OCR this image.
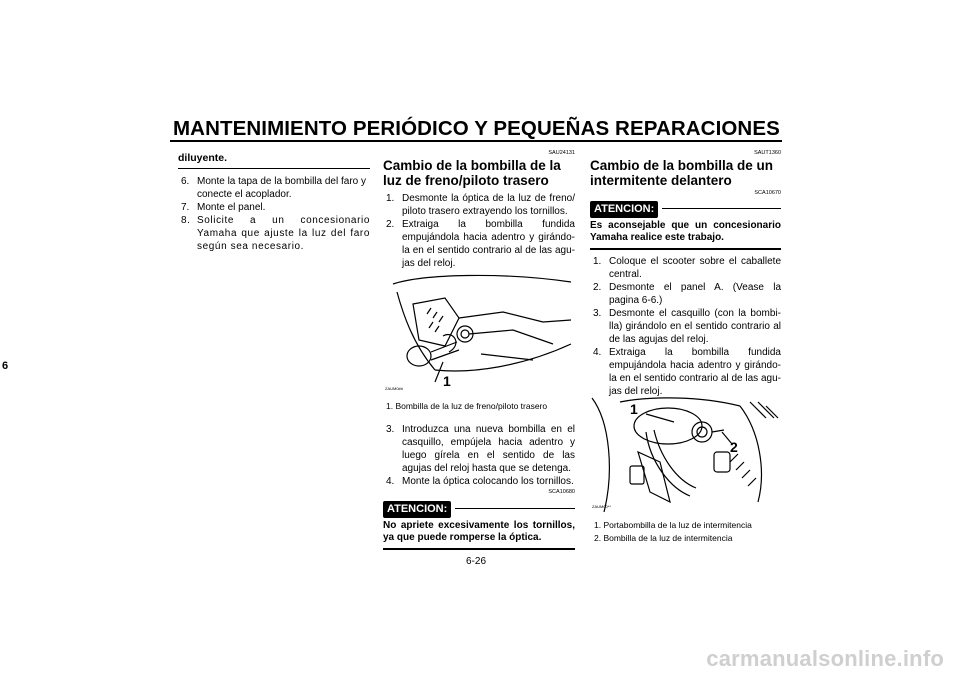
MANTENIMIENTO PERIÓDICO Y PEQUEÑAS REPARACIONES
6
diluyente.
6. Monte la tapa de la bombilla del faro y conecte el acoplador.
7. Monte el panel.
8. Solicite a un concesionario Yamaha que ajuste la luz del faro según sea necesario.
SAU24131
Cambio de la bombilla de la luz de freno/piloto trasero
1. Desmonte la óptica de la luz de freno/ piloto trasero extrayendo los tornillos.
2. Extraiga la bombilla fundida empujándola hacia adentro y girándo-la en el sentido contrario al de las agu-jas del reloj.
1
ZAUM0##
1. Bombilla de la luz de freno/piloto trasero
3. Introduzca una nueva bombilla en el casquillo, empújela hacia adentro y luego gírela en el sentido de las agujas del reloj hasta que se detenga.
4. Monte la óptica colocando los tornillos.
SCA10680
ATENCION:
No apriete excesivamente los tornillos, ya que puede romperse la óptica.
SAUT1360
Cambio de la bombilla de un intermitente delantero
SCA10670
ATENCION:
Es aconsejable que un concesionario Yamaha realice este trabajo.
1. Coloque el scooter sobre el caballete central.
2. Desmonte el panel A. (Vease la pagina 6-6.)
3. Desmonte el casquillo (con la bombi-lla) girándolo en el sentido contrario al de las agujas del reloj.
4. Extraiga la bombilla fundida empujándola hacia adentro y girándo-la en el sentido contrario al de las agu-jas del reloj.
1
2
ZAUM00**
1. Portabombilla de la luz de intermitencia
2. Bombilla de la luz de intermitencia
6-26
carmanualsonline.info
